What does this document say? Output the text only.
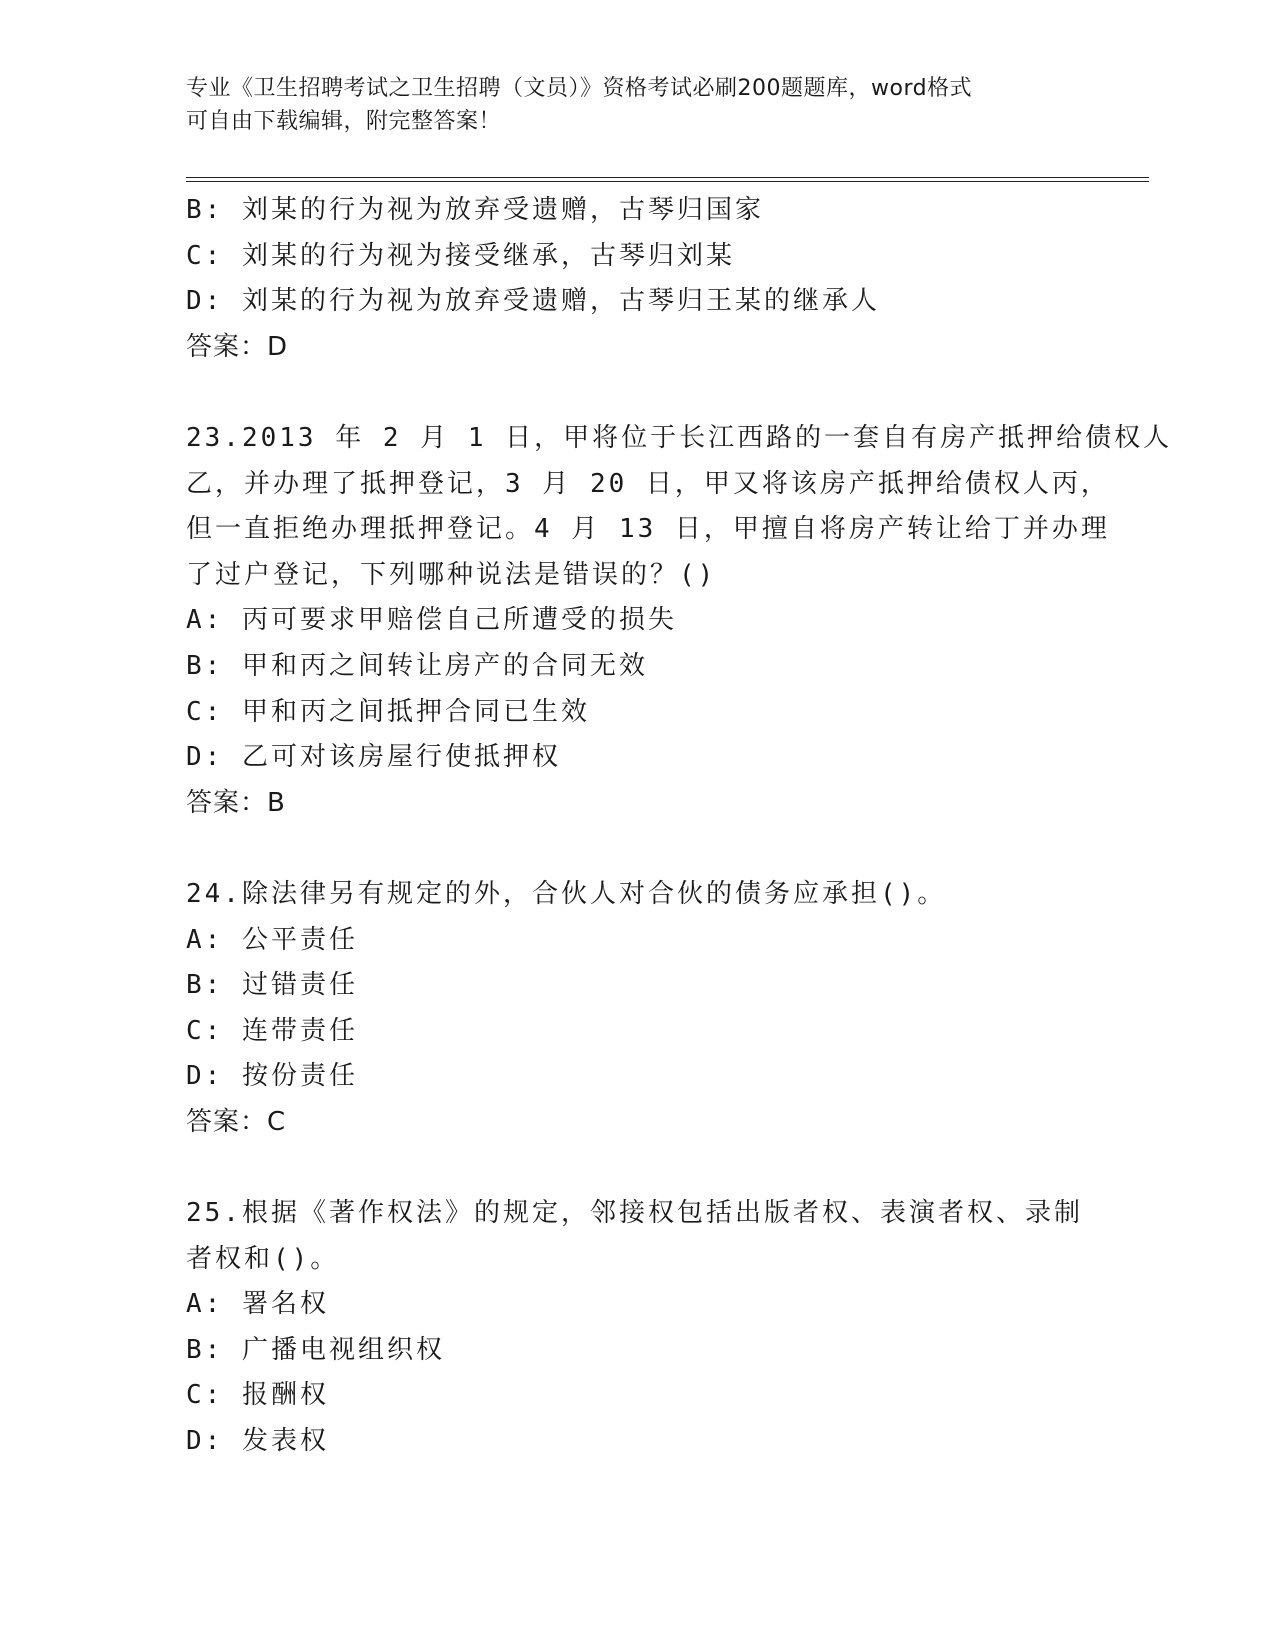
专业《卫生招聘考试之卫生招聘（文员）》资格考试必刷200题题库，word格式
可自由下载编辑，附完整答案！
B: 刘某的行为视为放弃受遗赠，古琴归国家
C: 刘某的行为视为接受继承，古琴归刘某
D: 刘某的行为视为放弃受遗赠，古琴归王某的继承人
答案：D
23.2013 年 2 月 1 日，甲将位于长江西路的一套自有房产抵押给债权人
乙，并办理了抵押登记，3 月 20 日，甲又将该房产抵押给债权人丙，
但一直拒绝办理抵押登记。4 月 13 日，甲擅自将房产转让给丁并办理
了过户登记，下列哪种说法是错误的？()
A: 丙可要求甲赔偿自己所遭受的损失
B: 甲和丙之间转让房产的合同无效
C: 甲和丙之间抵押合同已生效
D: 乙可对该房屋行使抵押权
答案：B
24.除法律另有规定的外，合伙人对合伙的债务应承担()。
A: 公平责任
B: 过错责任
C: 连带责任
D: 按份责任
答案：C
25.根据《著作权法》的规定，邻接权包括出版者权、表演者权、录制
者权和()。
A: 署名权
B: 广播电视组织权
C: 报酬权
D: 发表权
